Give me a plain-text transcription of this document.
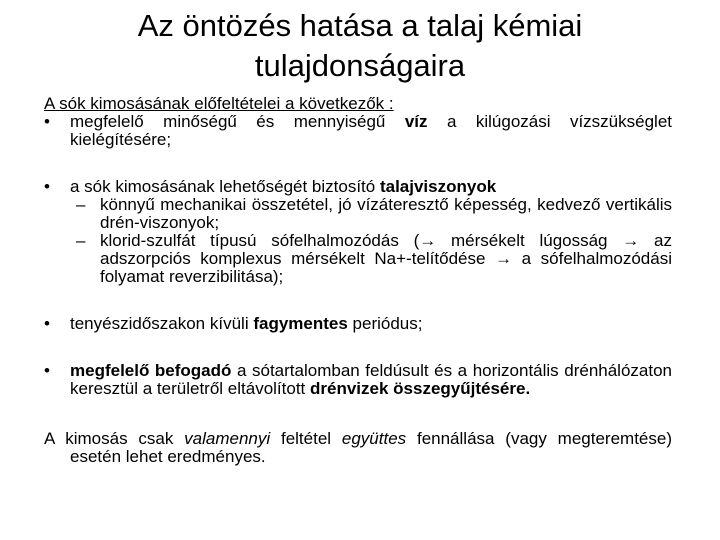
Az öntözés hatása a talaj kémiai
tulajdonságaira
A sók kimosásának előfeltételei a következők :
• megfelelő minőségű és mennyiségű víz a kilúgozási vízszükséglet kielégítésére;
• a sók kimosásának lehetőségét biztosító talajviszonyok
– könnyű mechanikai összetétel, jó vízáteresztő képesség, kedvező vertikális drén-viszonyok;
– klorid-szulfát típusú sófelhalmozódás (→ mérsékelt lúgosság → az adszorpciós komplexus mérsékelt Na+-telítődése → a sófelhalmozódási folyamat reverzibilitása);
• tenyészidőszakon kívüli fagymentes periódus;
• megfelelő befogadó a sótartalomban feldúsult és a horizontális drénhálózaton keresztül a területről eltávolított drénvizek összegyűjtésére.
A kimosás csak valamennyi feltétel együttes fennállása (vagy megteremtése) esetén lehet eredményes.
